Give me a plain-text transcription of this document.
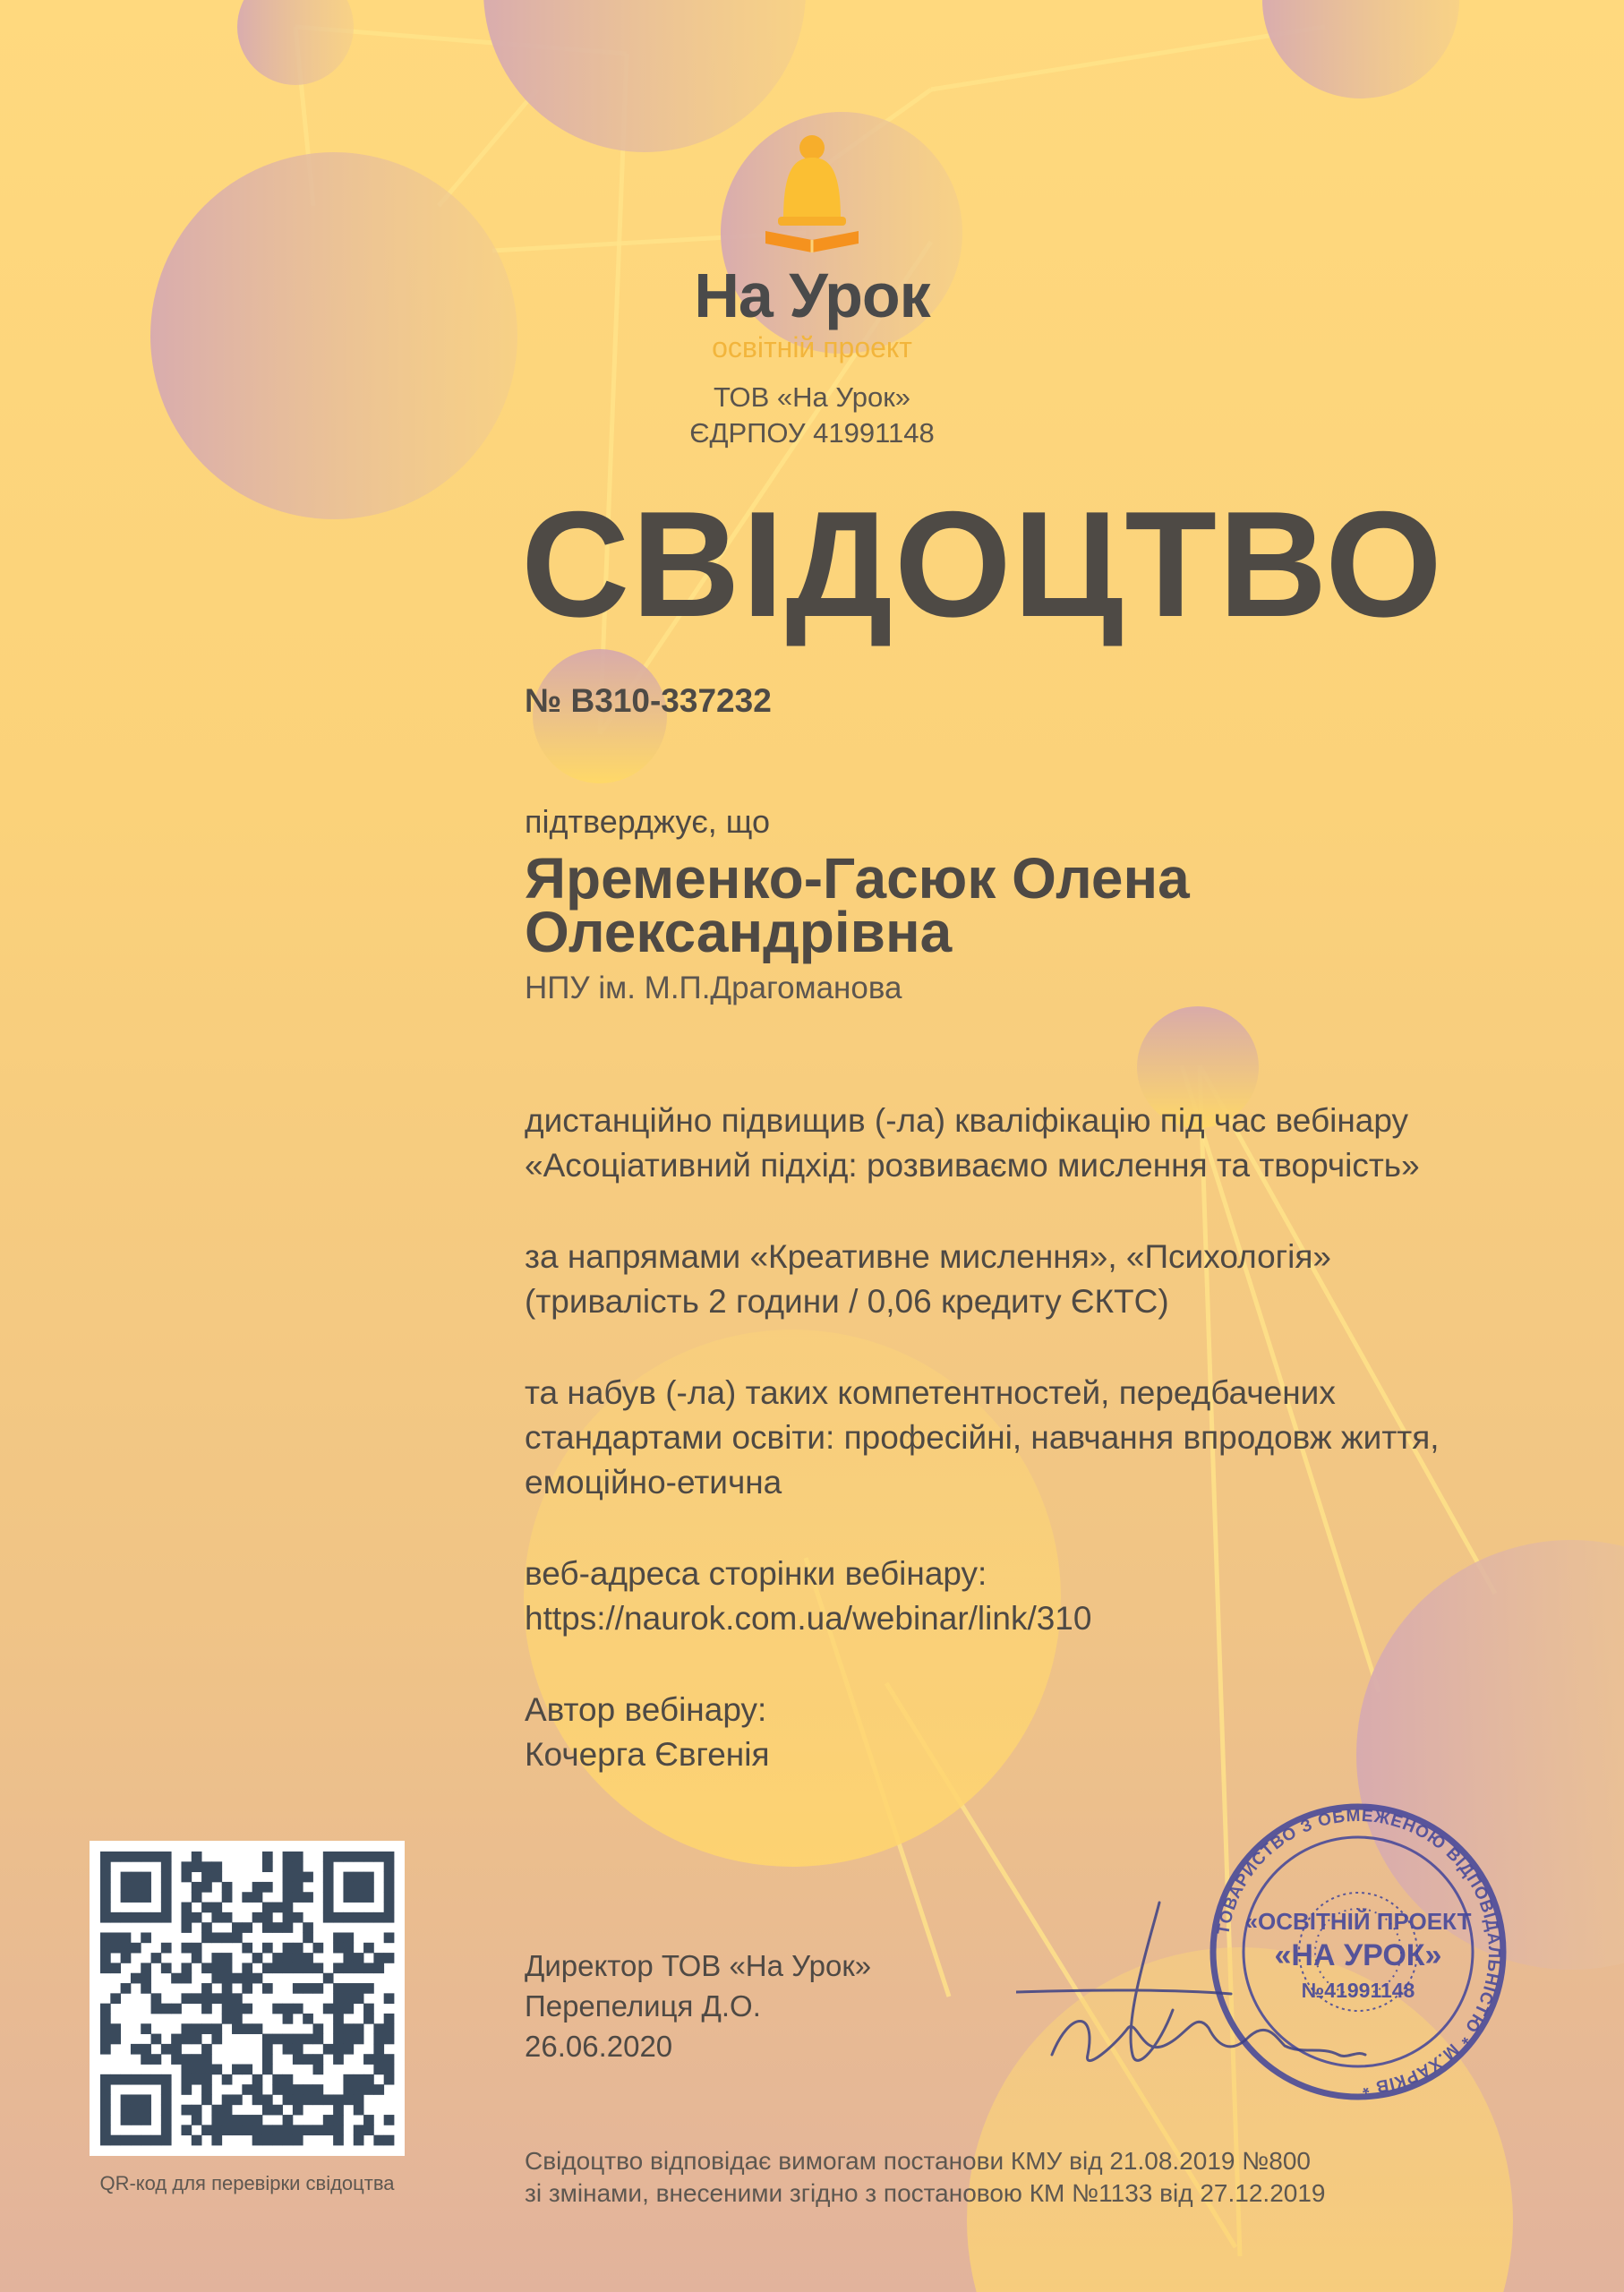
На Урок
освітній проект
ТОВ «На Урок»
ЄДРПОУ 41991148
СВІДОЦТВО
№ В310-337232
підтверджує, що
Яременко-Гасюк Олена Олександрівна
НПУ ім. М.П.Драгоманова

дистанційно підвищив (-ла) кваліфікацію під час вебінару «Асоціативний підхід: розвиваємо мислення та творчість»

за напрямами «Креативне мислення», «Психологія» (тривалість 2 години / 0,06 кредиту ЄКТС)

та набув (-ла) таких компетентностей, передбачених стандартами освіти: професійні, навчання впродовж життя, емоційно-етична

веб-адреса сторінки вебінару:

https://naurok.com.ua/webinar/link/310

Автор вебінару:

Кочерга Євгенія

Директор ТОВ «На Урок»
Перепелиця Д.О.
26.06.2020
QR-код для перевірки свідоцтва
Свідоцтво відповідає вимогам постанови КМУ від 21.08.2019 №800
зі змінами, внесеними згідно з постановою КМ №1133 від 27.12.2019
ТОВАРИСТВО З ОБМЕЖЕНОЮ ВІДПОВІДАЛЬНІСТЮ * М.ХАРКІВ *
«ОСВІТНІЙ ПРОЕКТ
«НА УРОК»
№41991148
